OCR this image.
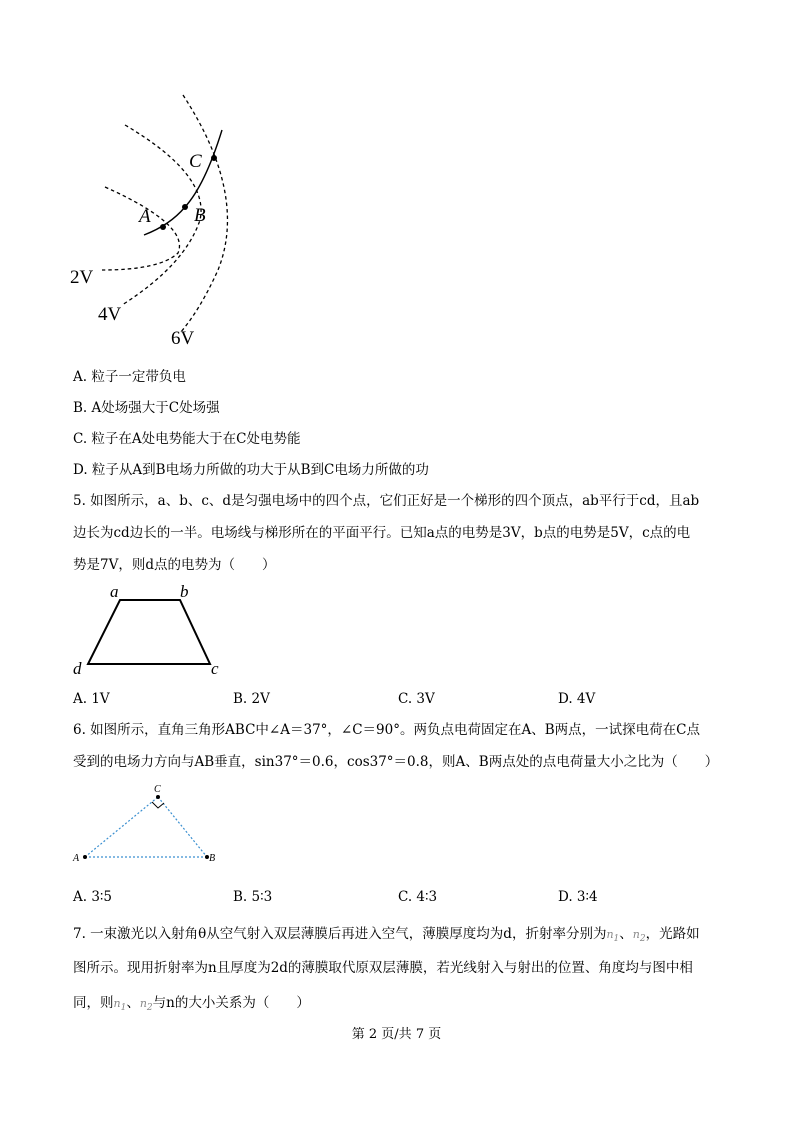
A B
C
2V
4V
6V
A. 粒子一定带负电
B. A处场强大于C处场强
C. 粒子在A处电势能大于在C处电势能
D. 粒子从A到B电场力所做的功大于从B到C电场力所做的功
5. 如图所示，a、b、c、d是匀强电场中的四个点，它们正好是一个梯形的四个顶点，ab平行于cd，且ab
边长为cd边长的一半。电场线与梯形所在的平面平行。已知a点的电势是3V，b点的电势是5V，c点的电
势是7V，则d点的电势为（　　）
a	b
d	c
A. 1V	B. 2V	C. 3V	D. 4V
6. 如图所示，直角三角形ABC中∠A＝37°，∠C＝90°。两负点电荷固定在A、B两点，一试探电荷在C点
受到的电场力方向与AB垂直，sin37°＝0.6，cos37°＝0.8，则A、B两点处的点电荷量大小之比为（　　）
A	B
C
A. 3∶5	B. 5∶3	C. 4∶3	D. 3∶4
7. 一束激光以入射角θ从空气射入双层薄膜后再进入空气，薄膜厚度均为d，折射率分别为$n_1$、$n_2$，光路如
图所示。现用折射率为n且厚度为2d的薄膜取代原双层薄膜，若光线射入与射出的位置、角度均与图中相
同，则$n_1$、$n_2$与n的大小关系为（　　）
第 2 页/共 7 页
